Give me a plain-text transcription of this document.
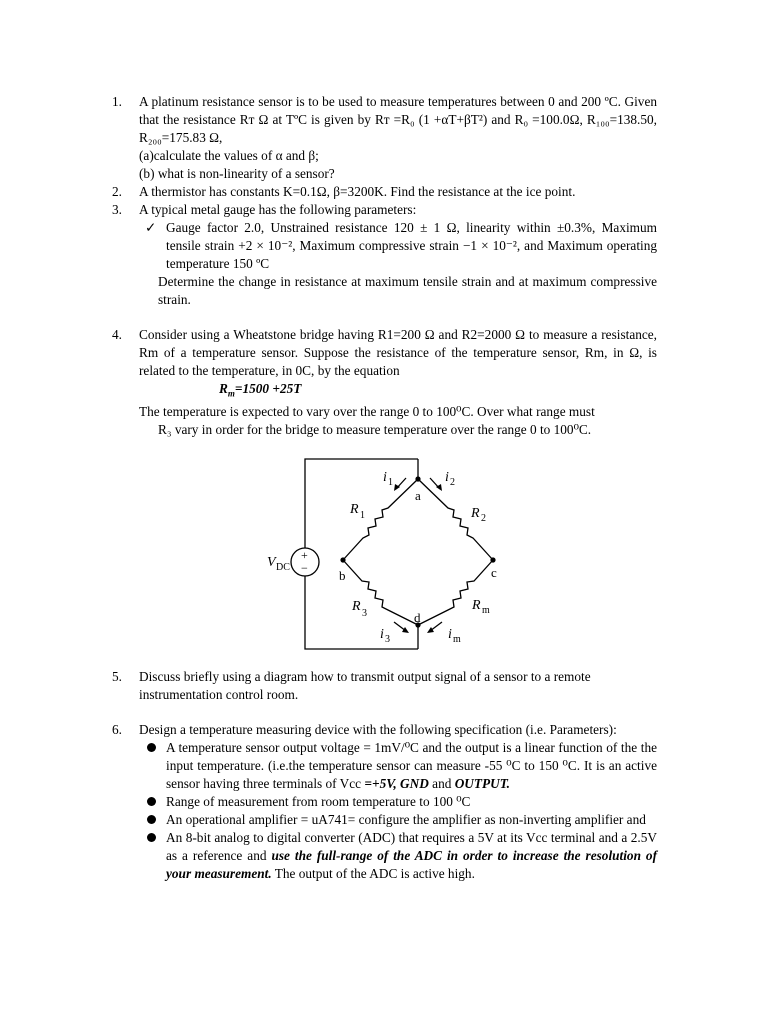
1.	A platinum resistance sensor is to be used to measure temperatures between 0 and 200 ºC. Given that the resistance Rᴛ Ω at TºC is given by Rᴛ =R₀ (1 +αT+βT²) and R₀ =100.0Ω, R₁₀₀=138.50, R₂₀₀=175.83 Ω,
(a)calculate the values of α and β;
(b) what is non-linearity of a sensor?
2.	A thermistor has constants K=0.1Ω, β=3200K. Find the resistance at the ice point.
3.	A typical metal gauge has the following parameters:
✓ Gauge factor 2.0, Unstrained resistance 120 ± 1 Ω, linearity within ±0.3%, Maximum tensile strain +2 × 10⁻², Maximum compressive strain −1 × 10⁻², and Maximum operating temperature 150 ºC
Determine the change in resistance at maximum tensile strain and at maximum compressive strain.
4.	Consider using a Wheatstone bridge having R1=200 Ω and R2=2000 Ω to measure a resistance, Rm of a temperature sensor. Suppose the resistance of the temperature sensor, Rm, in Ω, is related to the temperature, in 0C, by the equation
$R_m=1500 +25T$
The temperature is expected to vary over the range 0 to 100⁰C. Over what range must
R₃ vary in order for the bridge to measure temperature over the range 0 to 100⁰C.
+
−
V DC
a
b	c
d
R 1	R 2
R 3
R m
i 1	i 2
i 3	i m
5.	Discuss briefly using a diagram how to transmit output signal of a sensor to a remote instrumentation control room.
6.	Design a temperature measuring device with the following specification (i.e. Parameters):
A temperature sensor output voltage = 1mV/⁰C and the output is a linear function of the the input temperature. (i.e.the temperature sensor can measure -55 ⁰C to 150 ⁰C. It is an active sensor having three terminals of Vcc =+5V, GND and OUTPUT.
Range of measurement from room temperature to 100 ⁰C
An operational amplifier = uA741= configure the amplifier as non-inverting amplifier and
An 8-bit analog to digital converter (ADC) that requires a 5V at its Vcc terminal and a 2.5V as a reference and use the full-range of the ADC in order to increase the resolution of your measurement. The output of the ADC is active high.
